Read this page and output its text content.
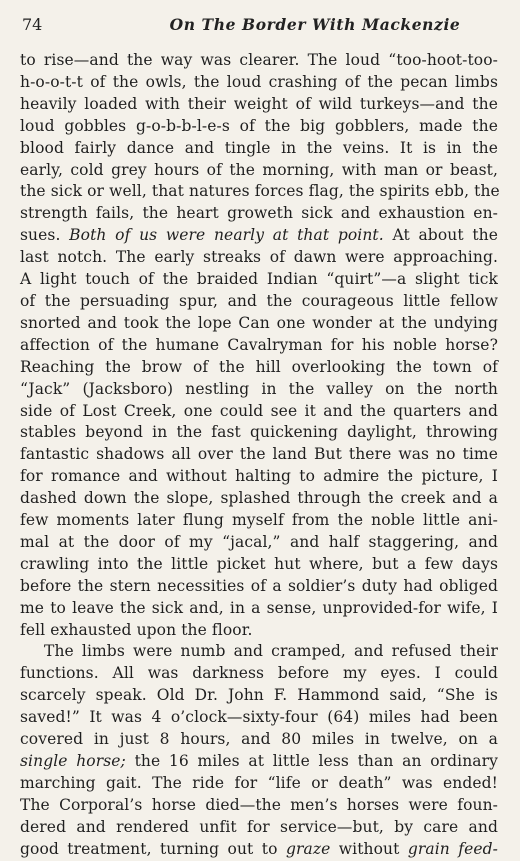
74	On The Border With Mackenzie
to rise—and the way was clearer. The loud “too-hoot-too-
h-o-o-t-t of the owls, the loud crashing of the pecan limbs
heavily loaded with their weight of wild turkeys—and the
loud gobbles g-o-b-b-l-e-s of the big gobblers, made the
blood fairly dance and tingle in the veins. It is in the
early, cold grey hours of the morning, with man or beast,
the sick or well, that natures forces flag, the spirits ebb, the
strength fails, the heart groweth sick and exhaustion en-
sues. Both of us were nearly at that point. At about the
last notch. The early streaks of dawn were approaching.
A light touch of the braided Indian “quirt”—a slight tick
of the persuading spur, and the courageous little fellow
snorted and took the lope Can one wonder at the undying
affection of the humane Cavalryman for his noble horse?
Reaching the brow of the hill overlooking the town of
“Jack” (Jacksboro) nestling in the valley on the north
side of Lost Creek, one could see it and the quarters and
stables beyond in the fast quickening daylight, throwing
fantastic shadows all over the land But there was no time
for romance and without halting to admire the picture, I
dashed down the slope, splashed through the creek and a
few moments later flung myself from the noble little ani-
mal at the door of my “jacal,” and half staggering, and
crawling into the little picket hut where, but a few days
before the stern necessities of a soldier’s duty had obliged
me to leave the sick and, in a sense, unprovided-for wife, I
fell exhausted upon the floor.
The limbs were numb and cramped, and refused their
functions. All was darkness before my eyes. I could
scarcely speak. Old Dr. John F. Hammond said, “She is
saved!” It was 4 o’clock—sixty-four (64) miles had been
covered in just 8 hours, and 80 miles in twelve, on a
single horse; the 16 miles at little less than an ordinary
marching gait. The ride for “life or death” was ended!
The Corporal’s horse died—the men’s horses were foun-
dered and rendered unfit for service—but, by care and
good treatment, turning out to graze without grain feed-
